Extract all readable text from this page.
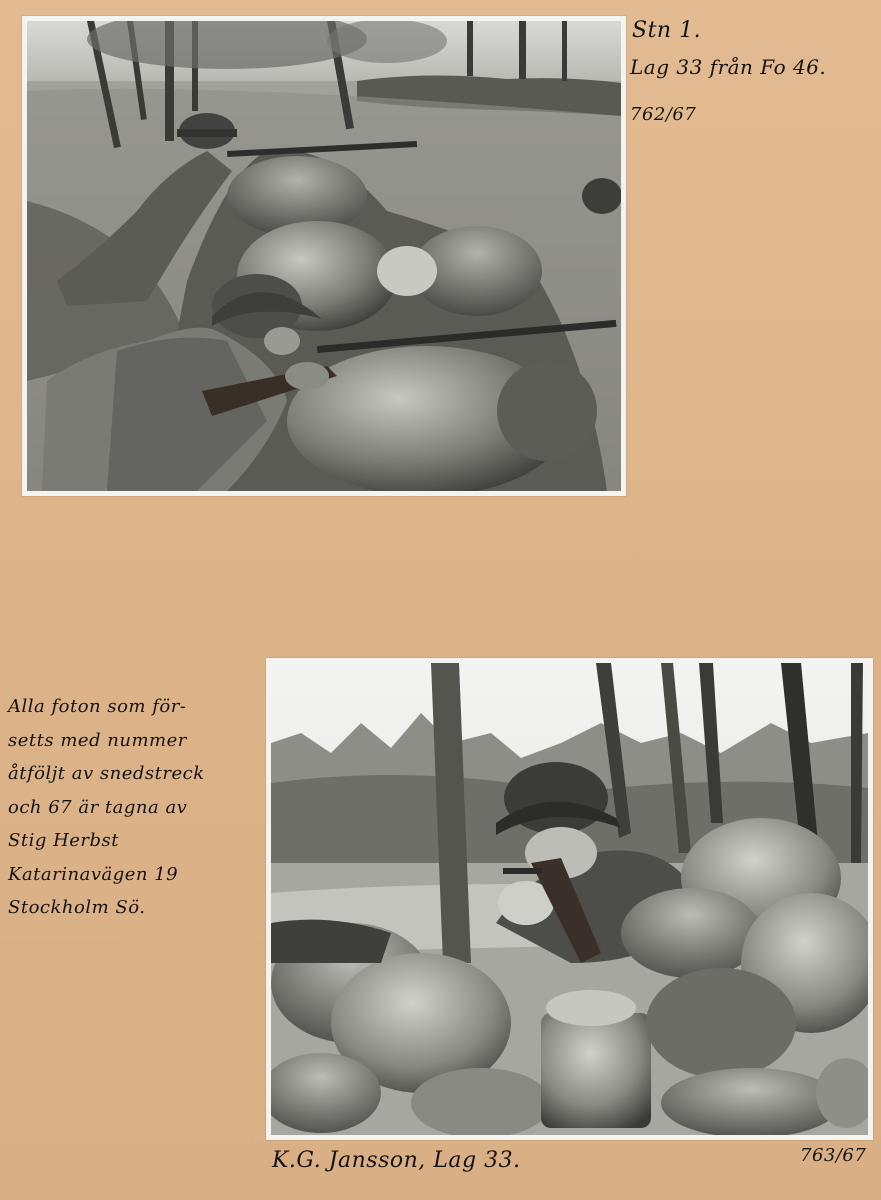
Stn 1.
Lag 33 från Fo 46.
762/67
Alla foton som för-
setts med nummer
åtföljt av snedstreck
och 67 är tagna av
Stig Herbst
Katarinavägen 19
Stockholm Sö.
K.G. Jansson, Lag 33.	763/67
